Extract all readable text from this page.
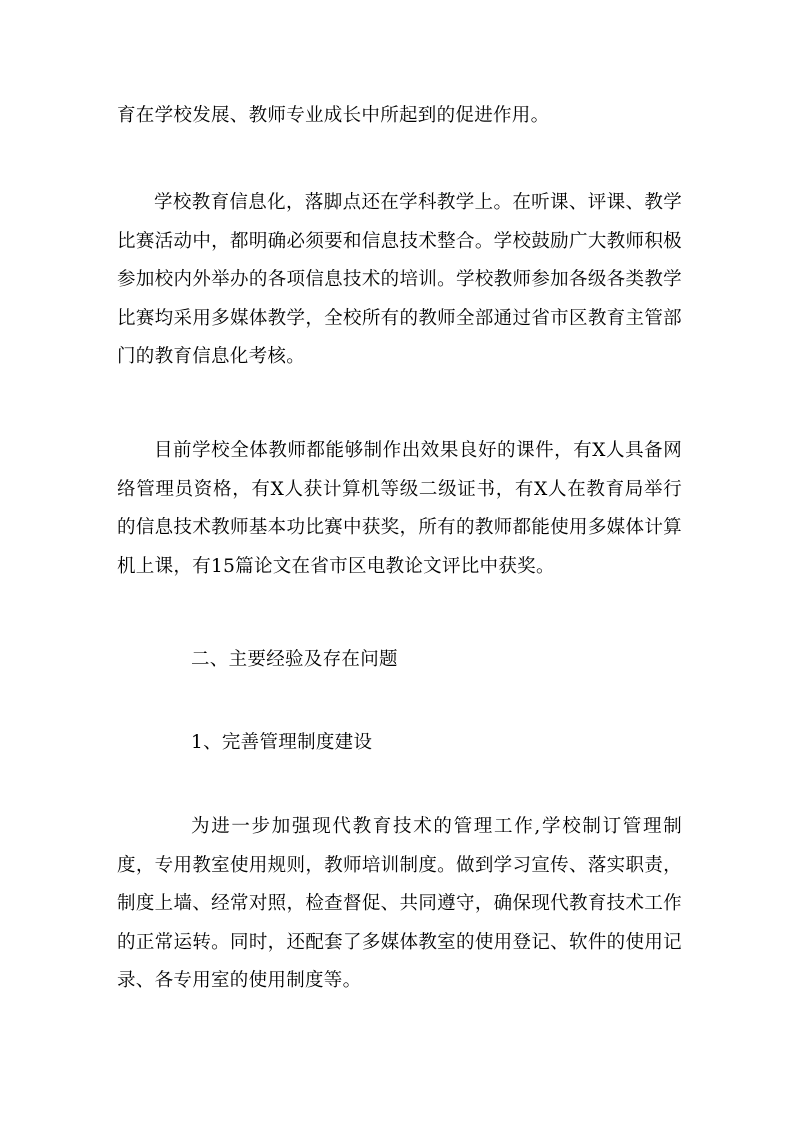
育在学校发展、教师专业成长中所起到的促进作用。

学校教育信息化，落脚点还在学科教学上。在听课、评课、教学比赛活动中，都明确必须要和信息技术整合。学校鼓励广大教师积极参加校内外举办的各项信息技术的培训。学校教师参加各级各类教学比赛均采用多媒体教学，全校所有的教师全部通过省市区教育主管部门的教育信息化考核。

目前学校全体教师都能够制作出效果良好的课件，有X人具备网络管理员资格，有X人获计算机等级二级证书，有X人在教育局举行的信息技术教师基本功比赛中获奖，所有的教师都能使用多媒体计算机上课，有15篇论文在省市区电教论文评比中获奖。

二、主要经验及存在问题

1、完善管理制度建设

为进一步加强现代教育技术的管理工作,学校制订管理制度，专用教室使用规则，教师培训制度。做到学习宣传、落实职责，制度上墙、经常对照，检查督促、共同遵守，确保现代教育技术工作的正常运转。同时，还配套了多媒体教室的使用登记、软件的使用记录、各专用室的使用制度等。
